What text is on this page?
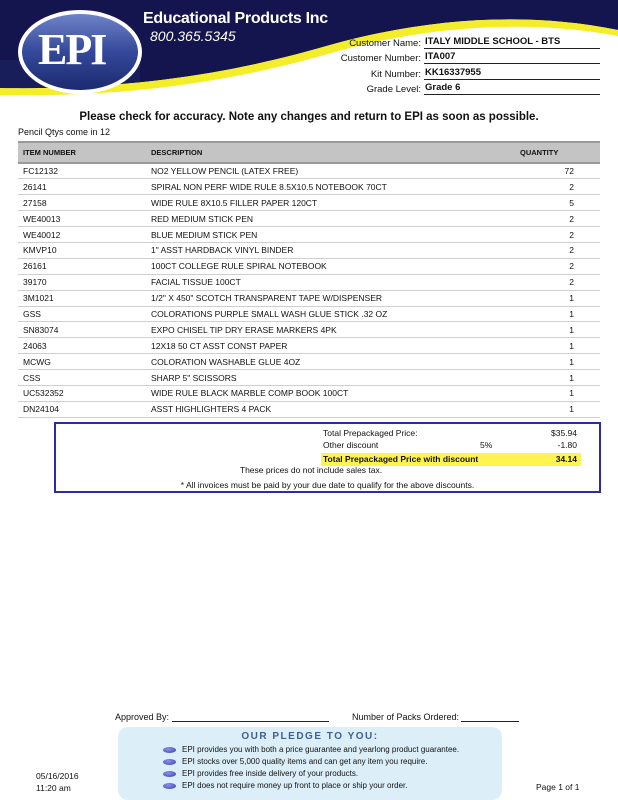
EPI
Educational Products Inc
800.365.5345	Customer Name: ITALY MIDDLE SCHOOL - BTS
Customer Number: ITA007
Kit Number: KK16337955
Grade Level: Grade 6
Please check for accuracy. Note any changes and return to EPI as soon as possible.
Pencil Qtys come in 12
ITEM NUMBER	DESCRIPTION	QUANTITY
FC12132	NO2 YELLOW PENCIL (LATEX FREE)	72
26141	SPIRAL NON PERF WIDE RULE 8.5X10.5 NOTEBOOK 70CT	2
27158	WIDE RULE 8X10.5 FILLER PAPER 120CT	5
WE40013	RED MEDIUM STICK PEN	2
WE40012	BLUE MEDIUM STICK PEN	2
KMVP10	1" ASST HARDBACK VINYL BINDER	2
26161	100CT COLLEGE RULE SPIRAL NOTEBOOK	2
39170	FACIAL TISSUE 100CT	2
3M1021	1/2" X 450" SCOTCH TRANSPARENT TAPE W/DISPENSER	1
GSS	COLORATIONS PURPLE SMALL WASH GLUE STICK .32 OZ	1
SN83074	EXPO CHISEL TIP DRY ERASE MARKERS 4PK	1
24063	12X18 50 CT ASST CONST PAPER	1
MCWG	COLORATION WASHABLE GLUE 4OZ	1
CSS	SHARP 5" SCISSORS	1
UC532352	WIDE RULE BLACK MARBLE COMP BOOK 100CT	1
DN24104	ASST HIGHLIGHTERS 4 PACK	1
Total Prepackaged Price:	$35.94
Other discount	5%	-1.80
Total Prepackaged Price with discount	34.14
These prices do not include sales tax.
* All invoices must be paid by your due date to qualify for the above discounts.
Approved By:	Number of Packs Ordered:
OUR PLEDGE TO YOU:
EPI provides you with both a price guarantee and yearlong product guarantee.
EPI stocks over 5,000 quality items and can get any item you require.
EPI provides free inside delivery of your products.
EPI does not require money up front to place or ship your order.
05/16/2016
11:20 am	Page 1 of 1
